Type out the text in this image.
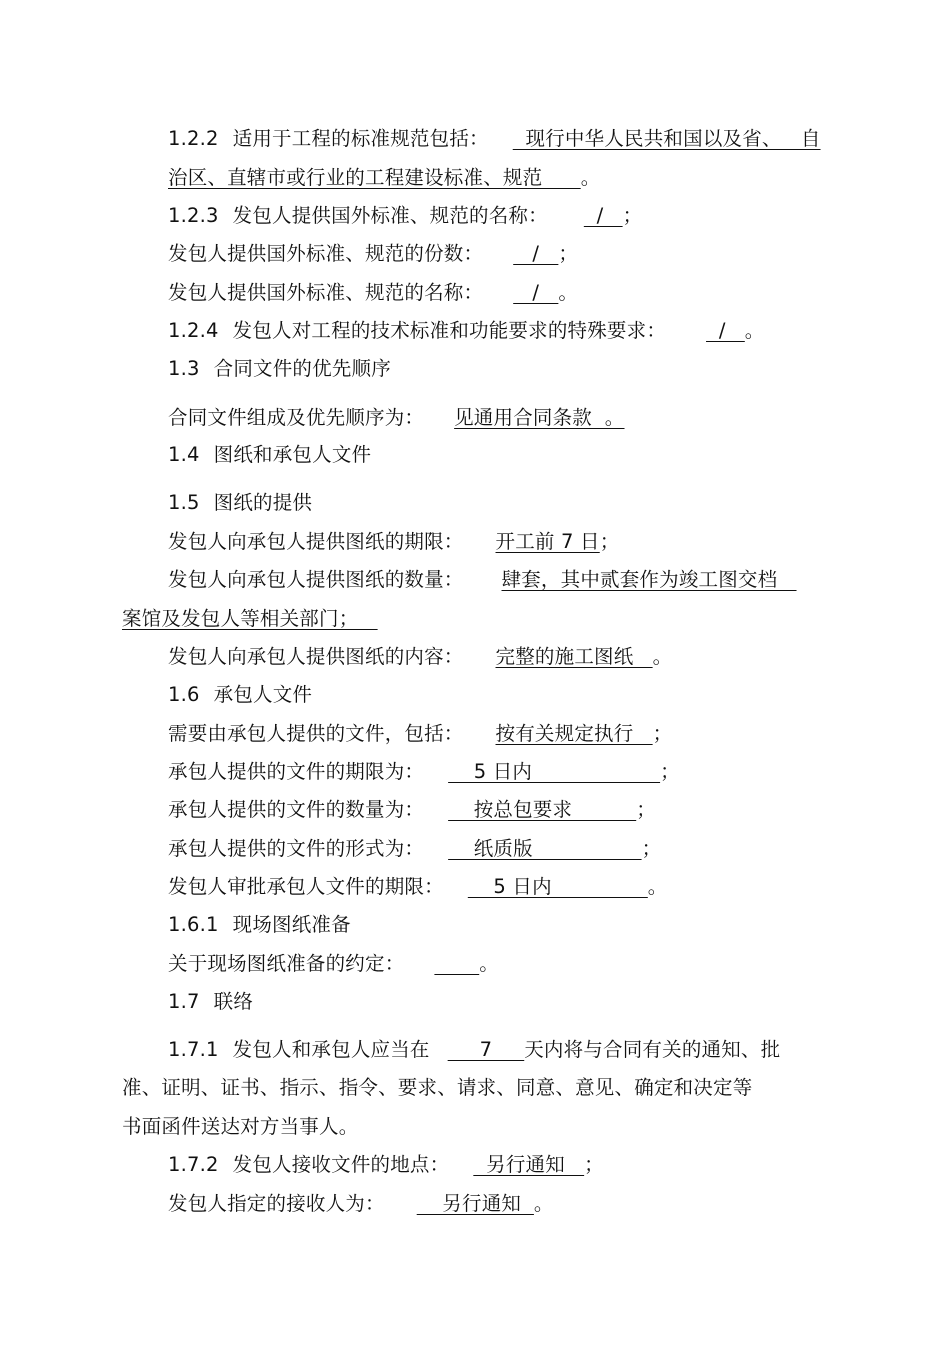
1.2.2 适用于工程的标准规范包括：  现行中华人民共和国以及省、   自
治区、直辖市或行业的工程建设标准、规范      。
1.2.3 发包人提供国外标准、规范的名称：  /   ；
发包人提供国外标准、规范的份数：   /   ；
发包人提供国外标准、规范的名称：   /   。
1.2.4 发包人对工程的技术标准和功能要求的特殊要求：  /   。
1.3 合同文件的优先顺序
合同文件组成及优先顺序为： 见通用合同条款  。
1.4 图纸和承包人文件
1.5 图纸的提供
发包人向承包人提供图纸的期限： 开工前 7 日；
发包人向承包人提供图纸的数量： 肆套，其中贰套作为竣工图交档
案馆及发包人等相关部门；
发包人向承包人提供图纸的内容： 完整的施工图纸   。
1.6 承包人文件
需要由承包人提供的文件，包括： 按有关规定执行   ；
承包人提供的文件的期限为：    5 日内                    ；
承包人提供的文件的数量为：    按总包要求          ；
承包人提供的文件的形式为：    纸质版                 ；
发包人审批承包人文件的期限：    5 日内               。
1.6.1 现场图纸准备
关于现场图纸准备的约定：	。
1.7 联络
1.7.1 发包人和承包人应当在     7     天内将与合同有关的通知、批
准、证明、证书、指示、指令、要求、请求、同意、意见、确定和决定等
书面函件送达对方当事人。
1.7.2 发包人接收文件的地点：  另行通知   ；
发包人指定的接收人为：    另行通知  。
